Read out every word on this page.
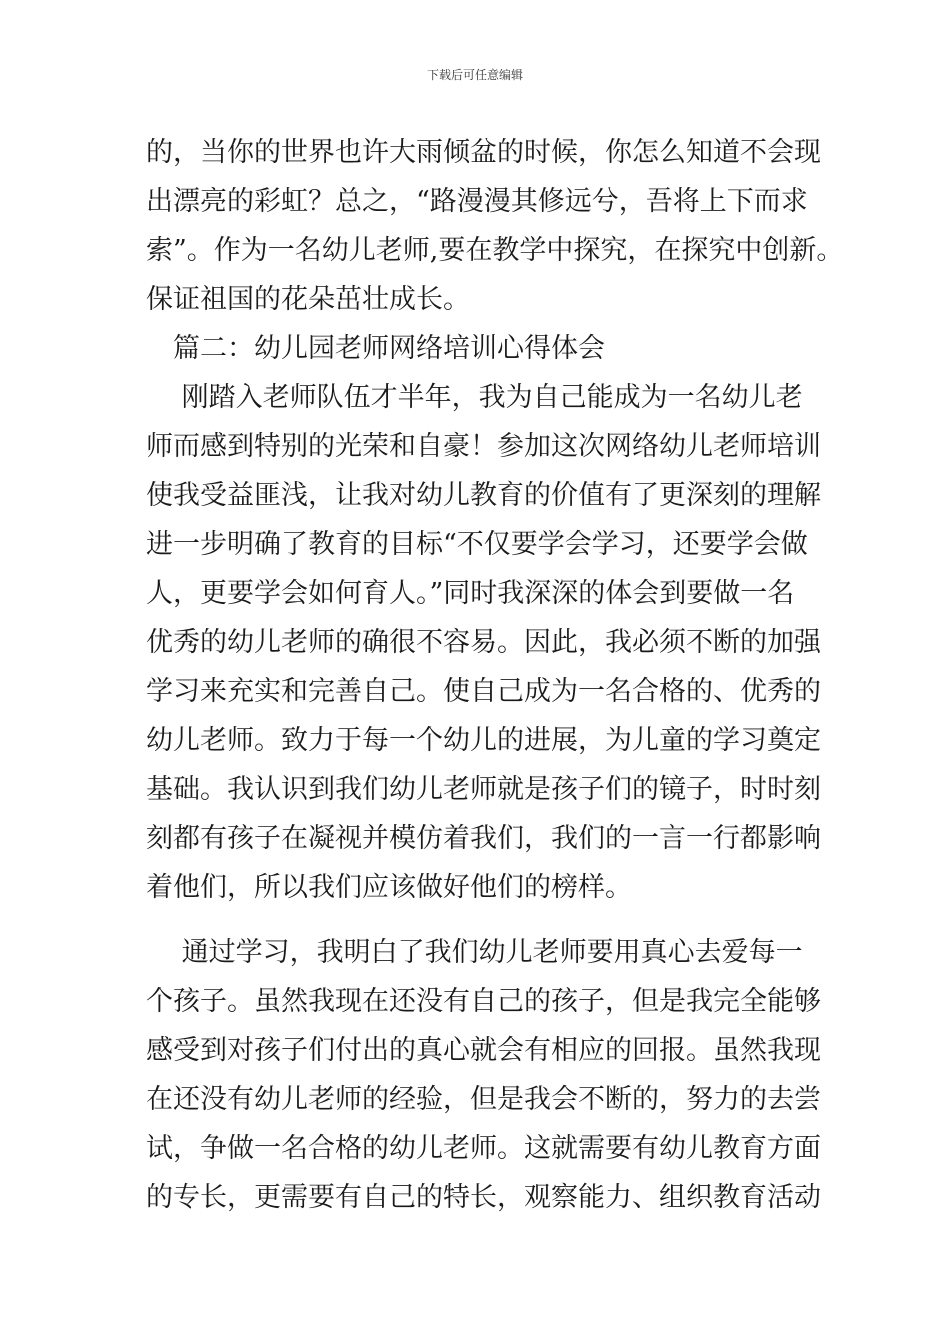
下载后可任意编辑
的，当你的世界也许大雨倾盆的时候，你怎么知道不会现
出漂亮的彩虹？总之，“路漫漫其修远兮，吾将上下而求
索”。作为一名幼儿老师,要在教学中探究，在探究中创新。
保证祖国的花朵茁壮成长。
　篇二：幼儿园老师网络培训心得体会
　 刚踏入老师队伍才半年，我为自己能成为一名幼儿老
师而感到特别的光荣和自豪！参加这次网络幼儿老师培训
使我受益匪浅，让我对幼儿教育的价值有了更深刻的理解
进一步明确了教育的目标“不仅要学会学习，还要学会做
人，更要学会如何育人。”同时我深深的体会到要做一名
优秀的幼儿老师的确很不容易。因此，我必须不断的加强
学习来充实和完善自己。使自己成为一名合格的、优秀的
幼儿老师。致力于每一个幼儿的进展，为儿童的学习奠定
基础。我认识到我们幼儿老师就是孩子们的镜子，时时刻
刻都有孩子在凝视并模仿着我们，我们的一言一行都影响
着他们，所以我们应该做好他们的榜样。
　 通过学习，我明白了我们幼儿老师要用真心去爱每一
个孩子。虽然我现在还没有自己的孩子，但是我完全能够
感受到对孩子们付出的真心就会有相应的回报。虽然我现
在还没有幼儿老师的经验，但是我会不断的，努力的去尝
试，争做一名合格的幼儿老师。这就需要有幼儿教育方面
的专长，更需要有自己的特长，观察能力、组织教育活动
